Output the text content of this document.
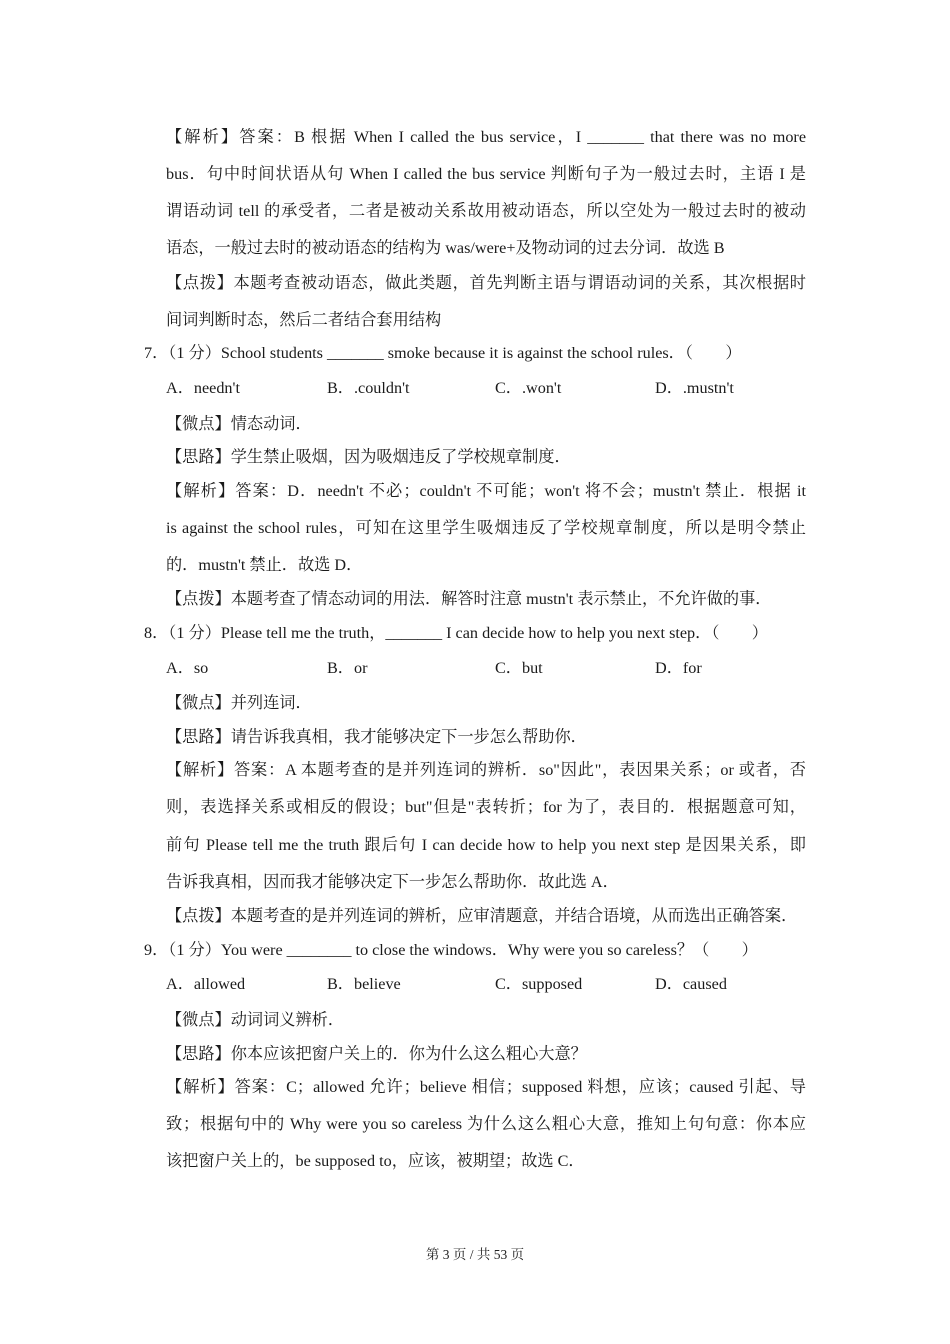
【解析】答案：B 根据 When I called the bus service，I _______ that there was no more
bus．句中时间状语从句 When I called the bus service 判断句子为一般过去时，主语 I 是
谓语动词 tell 的承受者，二者是被动关系故用被动语态，所以空处为一般过去时的被动
语态，一般过去时的被动语态的结构为 was/were+及物动词的过去分词．故选 B
【点拨】本题考查被动语态，做此类题，首先判断主语与谓语动词的关系，其次根据时
间词判断时态，然后二者结合套用结构
7．（1 分）School students _______ smoke because it is against the school rules．（　　）
A．needn't	B．.couldn't	C．.won't	D．.mustn't
【微点】情态动词．
【思路】学生禁止吸烟，因为吸烟违反了学校规章制度．
【解析】答案：D．needn't 不必；couldn't 不可能；won't 将不会；mustn't 禁止．根据 it
is against the school rules，可知在这里学生吸烟违反了学校规章制度，所以是明令禁止
的．mustn't 禁止．故选 D．
【点拨】本题考查了情态动词的用法．解答时注意 mustn't 表示禁止，不允许做的事．
8．（1 分）Please tell me the truth，_______ I can decide how to help you next step．（　　）
A．so	B．or	C．but	D．for
【微点】并列连词．
【思路】请告诉我真相，我才能够决定下一步怎么帮助你．
【解析】答案：A 本题考查的是并列连词的辨析．so"因此"，表因果关系；or 或者，否
则，表选择关系或相反的假设；but"但是"表转折；for 为了，表目的．根据题意可知，
前句 Please tell me the truth 跟后句 I can decide how to help you next step 是因果关系，即
告诉我真相，因而我才能够决定下一步怎么帮助你．故此选 A．
【点拨】本题考查的是并列连词的辨析，应审清题意，并结合语境，从而选出正确答案．
9．（1 分）You were ________ to close the windows．Why were you so careless？（　　）
A．allowed	B．believe	C．supposed	D．caused
【微点】动词词义辨析．
【思路】你本应该把窗户关上的．你为什么这么粗心大意？
【解析】答案：C；allowed 允许；believe 相信；supposed 料想，应该；caused 引起、导
致；根据句中的 Why were you so careless 为什么这么粗心大意，推知上句句意：你本应
该把窗户关上的，be supposed to，应该，被期望；故选 C．
第 3 页 / 共 53 页
